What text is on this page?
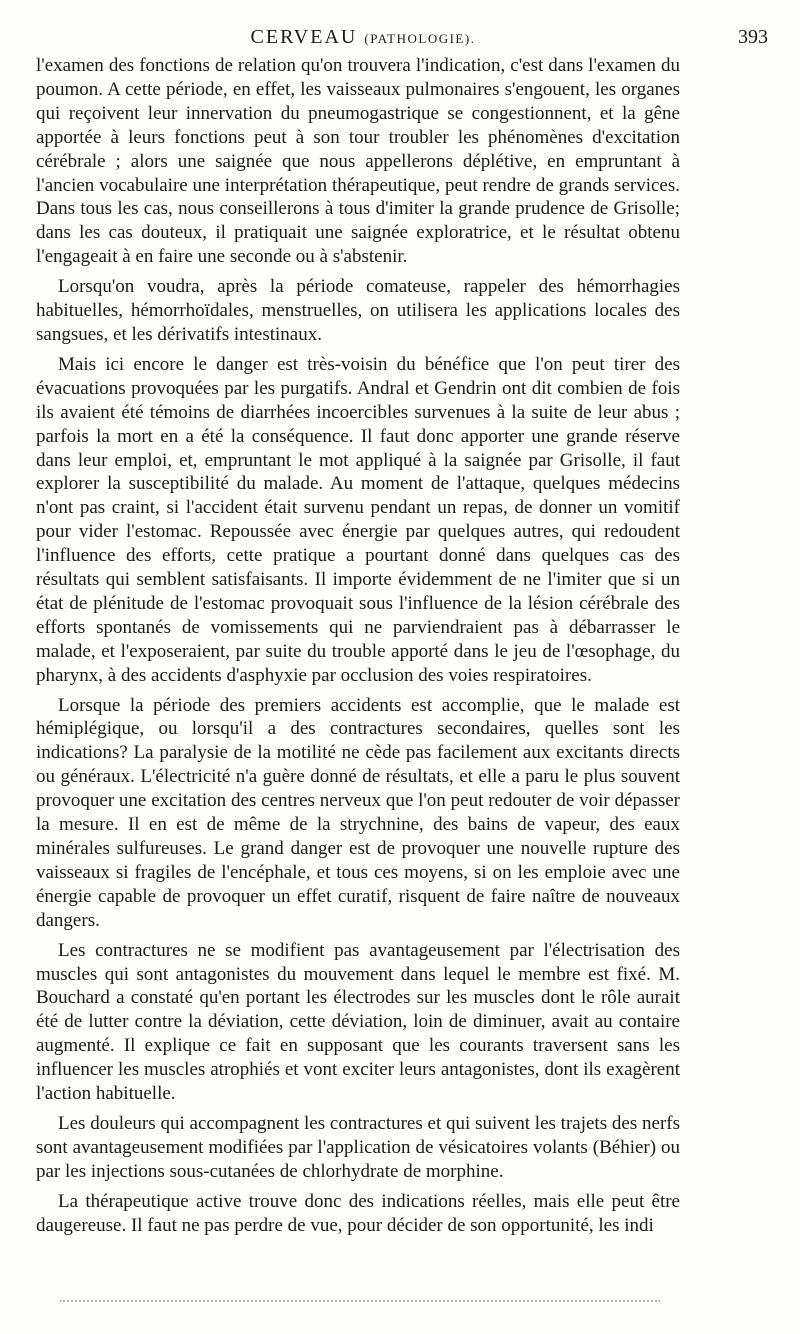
CERVEAU (PATHOLOGIE).	393

l'examen des fonctions de relation qu'on trouvera l'indication, c'est dans l'examen du poumon. A cette période, en effet, les vaisseaux pulmonaires s'engouent, les organes qui reçoivent leur innervation du pneumogastrique se congestionnent, et la gêne apportée à leurs fonctions peut à son tour troubler les phénomènes d'excitation cérébrale ; alors une saignée que nous appellerons déplétive, en empruntant à l'ancien vocabulaire une interprétation thérapeutique, peut rendre de grands services. Dans tous les cas, nous conseillerons à tous d'imiter la grande prudence de Grisolle; dans les cas douteux, il pratiquait une saignée exploratrice, et le résultat obtenu l'engageait à en faire une seconde ou à s'abstenir.

Lorsqu'on voudra, après la période comateuse, rappeler des hémorrhagies habituelles, hémorrhoïdales, menstruelles, on utilisera les applications locales des sangsues, et les dérivatifs intestinaux.

Mais ici encore le danger est très-voisin du bénéfice que l'on peut tirer des évacuations provoquées par les purgatifs. Andral et Gendrin ont dit combien de fois ils avaient été témoins de diarrhées incoercibles survenues à la suite de leur abus ; parfois la mort en a été la conséquence. Il faut donc apporter une grande réserve dans leur emploi, et, empruntant le mot appliqué à la saignée par Grisolle, il faut explorer la susceptibilité du malade. Au moment de l'attaque, quelques médecins n'ont pas craint, si l'accident était survenu pendant un repas, de donner un vomitif pour vider l'estomac. Repoussée avec énergie par quelques autres, qui redoudent l'influence des efforts, cette pratique a pourtant donné dans quelques cas des résultats qui semblent satisfaisants. Il importe évidemment de ne l'imiter que si un état de plénitude de l'estomac provoquait sous l'influence de la lésion cérébrale des efforts spontanés de vomissements qui ne parviendraient pas à débarrasser le malade, et l'exposeraient, par suite du trouble apporté dans le jeu de l'œsophage, du pharynx, à des accidents d'asphyxie par occlusion des voies respiratoires.

Lorsque la période des premiers accidents est accomplie, que le malade est hémiplégique, ou lorsqu'il a des contractures secondaires, quelles sont les indications? La paralysie de la motilité ne cède pas facilement aux excitants directs ou généraux. L'électricité n'a guère donné de résultats, et elle a paru le plus souvent provoquer une excitation des centres nerveux que l'on peut redouter de voir dépasser la mesure. Il en est de même de la strychnine, des bains de vapeur, des eaux minérales sulfureuses. Le grand danger est de provoquer une nouvelle rupture des vaisseaux si fragiles de l'encéphale, et tous ces moyens, si on les emploie avec une énergie capable de provoquer un effet curatif, risquent de faire naître de nouveaux dangers.

Les contractures ne se modifient pas avantageusement par l'électrisation des muscles qui sont antagonistes du mouvement dans lequel le membre est fixé. M. Bouchard a constaté qu'en portant les électrodes sur les muscles dont le rôle aurait été de lutter contre la déviation, cette déviation, loin de diminuer, avait au contaire augmenté. Il explique ce fait en supposant que les courants traversent sans les influencer les muscles atrophiés et vont exciter leurs antagonistes, dont ils exagèrent l'action habituelle.

Les douleurs qui accompagnent les contractures et qui suivent les trajets des nerfs sont avantageusement modifiées par l'application de vésicatoires volants (Béhier) ou par les injections sous-cutanées de chlorhydrate de morphine.

La thérapeutique active trouve donc des indications réelles, mais elle peut être daugereuse. Il faut ne pas perdre de vue, pour décider de son opportunité, les indi
